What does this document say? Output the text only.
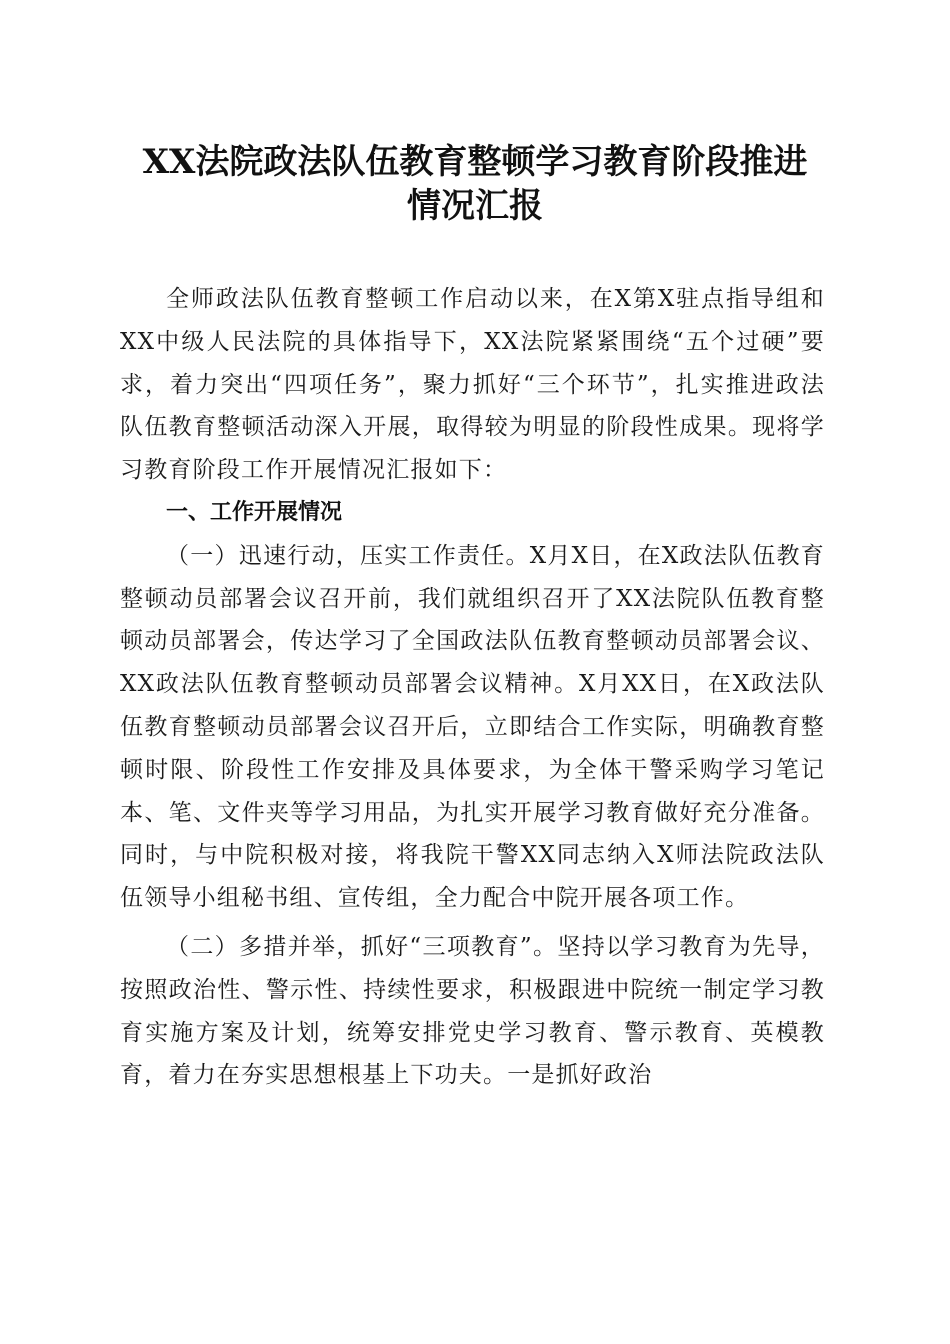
XX法院政法队伍教育整顿学习教育阶段推进
情况汇报

全师政法队伍教育整顿工作启动以来，在X第X驻点指导组和XX中级人民法院的具体指导下，XX法院紧紧围绕“五个过硬”要求，着力突出“四项任务”，聚力抓好“三个环节”，扎实推进政法队伍教育整顿活动深入开展，取得较为明显的阶段性成果。现将学习教育阶段工作开展情况汇报如下：

一、工作开展情况

（一）迅速行动，压实工作责任。X月X日，在X政法队伍教育整顿动员部署会议召开前，我们就组织召开了XX法院队伍教育整顿动员部署会，传达学习了全国政法队伍教育整顿动员部署会议、XX政法队伍教育整顿动员部署会议精神。X月XX日，在X政法队伍教育整顿动员部署会议召开后，立即结合工作实际，明确教育整顿时限、阶段性工作安排及具体要求，为全体干警采购学习笔记本、笔、文件夹等学习用品，为扎实开展学习教育做好充分准备。同时，与中院积极对接，将我院干警XX同志纳入X师法院政法队伍领导小组秘书组、宣传组，全力配合中院开展各项工作。

（二）多措并举，抓好“三项教育”。坚持以学习教育为先导，按照政治性、警示性、持续性要求，积极跟进中院统一制定学习教育实施方案及计划，统筹安排党史学习教育、警示教育、英模教育，着力在夯实思想根基上下功夫。一是抓好政治
